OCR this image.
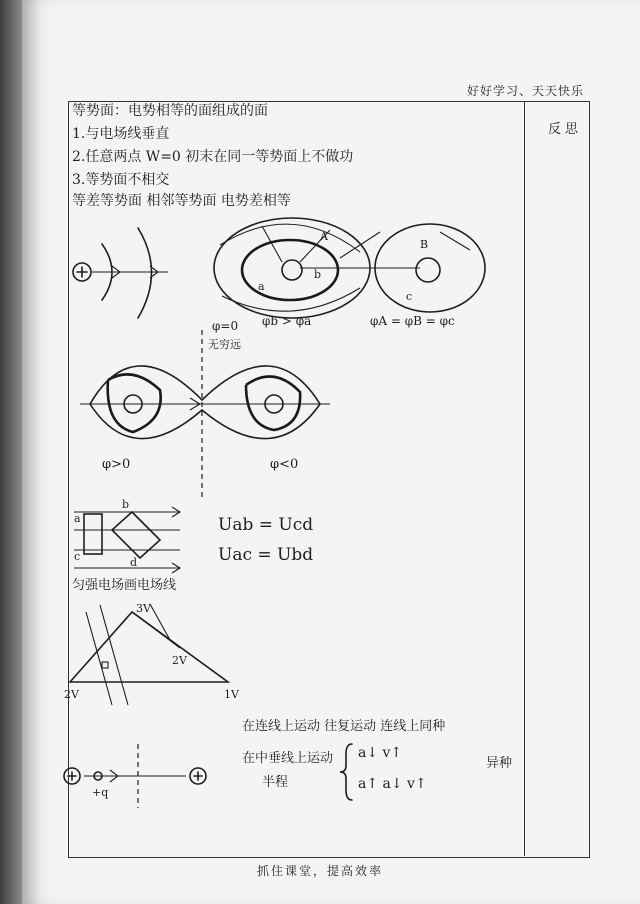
好好学习、天天快乐
反思
等势面：电势相等的面组成的面
1.与电场线垂直
2.任意两点 W=0 初末在同一等势面上不做功
3.等势面不相交
等差等势面 相邻等势面 电势差相等
匀强电场画电场线
在连线上运动 往复运动 连线上同种
在中垂线上运动
半程
a↓ v↑
a↑ a↓ v↑
异种
A
B
a
b
c
φb > φa	φA = φB = φc
φ=0
无穷远
φ>0	φ<0
a
b
c	d
Uab = Ucd
Uac = Ubd
3V
2V
2V	1V
+q
抓住课堂，提高效率
